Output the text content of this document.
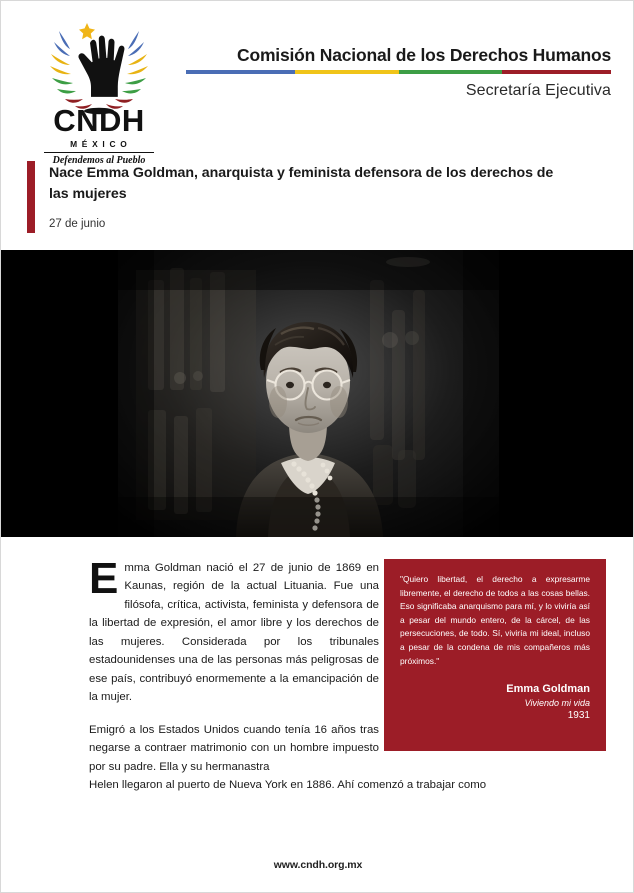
CNDH
M É X I C O
Defendemos al Pueblo
Comisión Nacional de los Derechos Humanos
Secretaría Ejecutiva
Nace Emma Goldman, anarquista y feminista defensora de los derechos de las mujeres
27 de junio

"Quiero libertad, el derecho a expresarme libremente, el derecho de todos a las cosas bellas. Eso significaba anarquismo para mí, y lo viviría así a pesar del mundo entero, de la cárcel, de las persecuciones, de todo. Sí, viviría mi ideal, incluso a pesar de la condena de mis compañeros más próximos."

Emma Goldman
Viviendo mi vida
1931

Emma Goldman nació el 27 de junio de 1869 en Kaunas, región de la actual Lituania. Fue una filósofa, crítica, activista, feminista y defensora de la libertad de expresión, el amor libre y los derechos de las mujeres. Considerada por los tribunales estadounidenses una de las personas más peligrosas de ese país, contribuyó enormemente a la emancipación de la mujer.

Emigró a los Estados Unidos cuando tenía 16 años tras negarse a contraer matrimonio con un hombre impuesto por su padre. Ella y su hermanastra

Helen llegaron al puerto de Nueva York en 1886. Ahí comenzó a trabajar como

www.cndh.org.mx
